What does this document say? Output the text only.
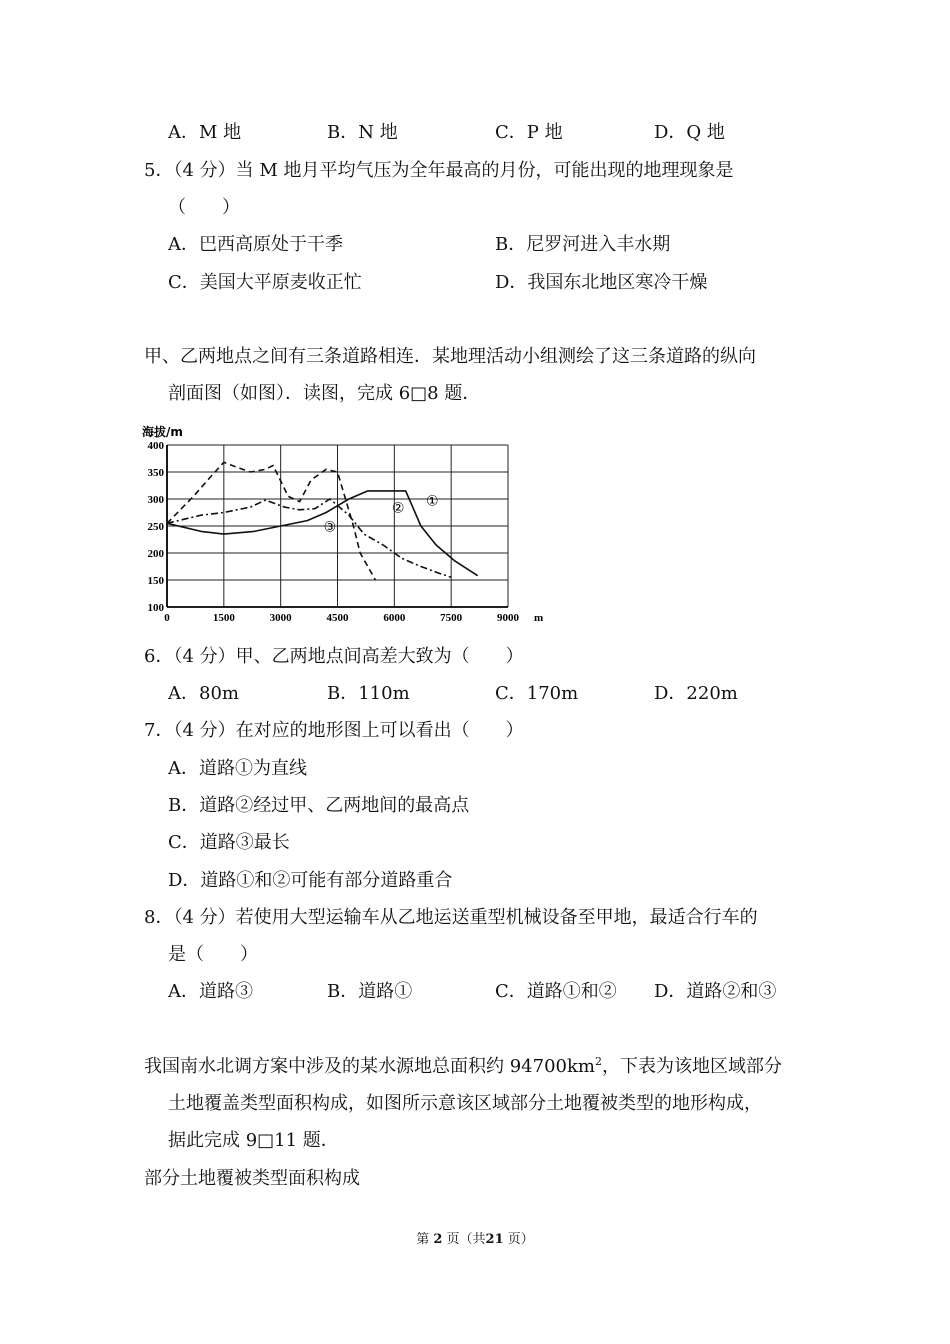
A．M 地	B．N 地	C．P 地	D．Q 地
5．（4 分）当 M 地月平均气压为全年最高的月份，可能出现的地理现象是
（　　）
A．巴西高原处于干季	B．尼罗河进入丰水期
C．美国大平原麦收正忙	D．我国东北地区寒冷干燥
甲、乙两地点之间有三条道路相连．某地理活动小组测绘了这三条道路的纵向
剖面图（如图）．读图，完成 6□8 题．
0	1500	3000	4500	6000	7500	9000
100
150
200
250
300
350
400
海拔/m
m
①
②
③
6．（4 分）甲、乙两地点间高差大致为（　　）
A．80m	B．110m	C．170m	D．220m
7．（4 分）在对应的地形图上可以看出（　　）
A．道路①为直线
B．道路②经过甲、乙两地间的最高点
C．道路③最长
D．道路①和②可能有部分道路重合
8．（4 分）若使用大型运输车从乙地运送重型机械设备至甲地，最适合行车的
是（　　）
A．道路③	B．道路①	C．道路①和② D．道路②和③
我国南水北调方案中涉及的某水源地总面积约 $94700km^2$，下表为该地区域部分
土地覆盖类型面积构成，如图所示意该区域部分土地覆被类型的地形构成，
据此完成 9□11 题．
部分土地覆被类型面积构成
第 2 页（共21 页）
